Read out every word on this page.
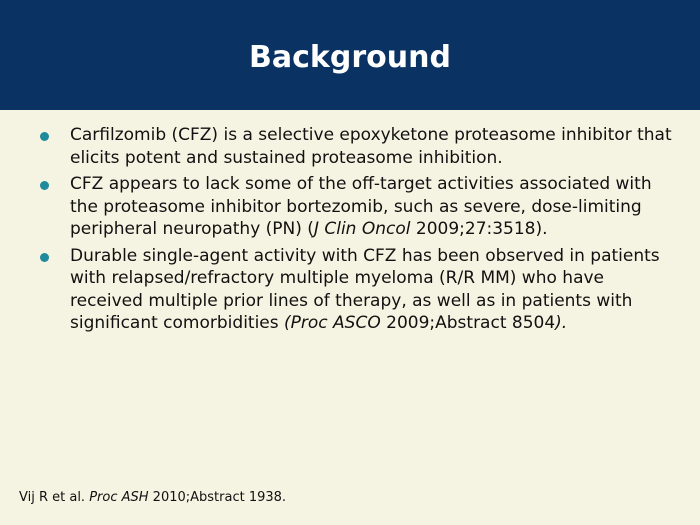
Background
Carfilzomib (CFZ) is a selective epoxyketone proteasome inhibitor that elicits potent and sustained proteasome inhibition.
CFZ appears to lack some of the off-target activities associated with the proteasome inhibitor bortezomib, such as severe, dose-limiting peripheral neuropathy (PN) (J Clin Oncol 2009;27:3518).
Durable single-agent activity with CFZ has been observed in patients with relapsed/refractory multiple myeloma (R/R MM) who have received multiple prior lines of therapy, as well as in patients with significant comorbidities (Proc ASCO 2009;Abstract 8504).
Vij R et al. Proc ASH 2010;Abstract 1938.
